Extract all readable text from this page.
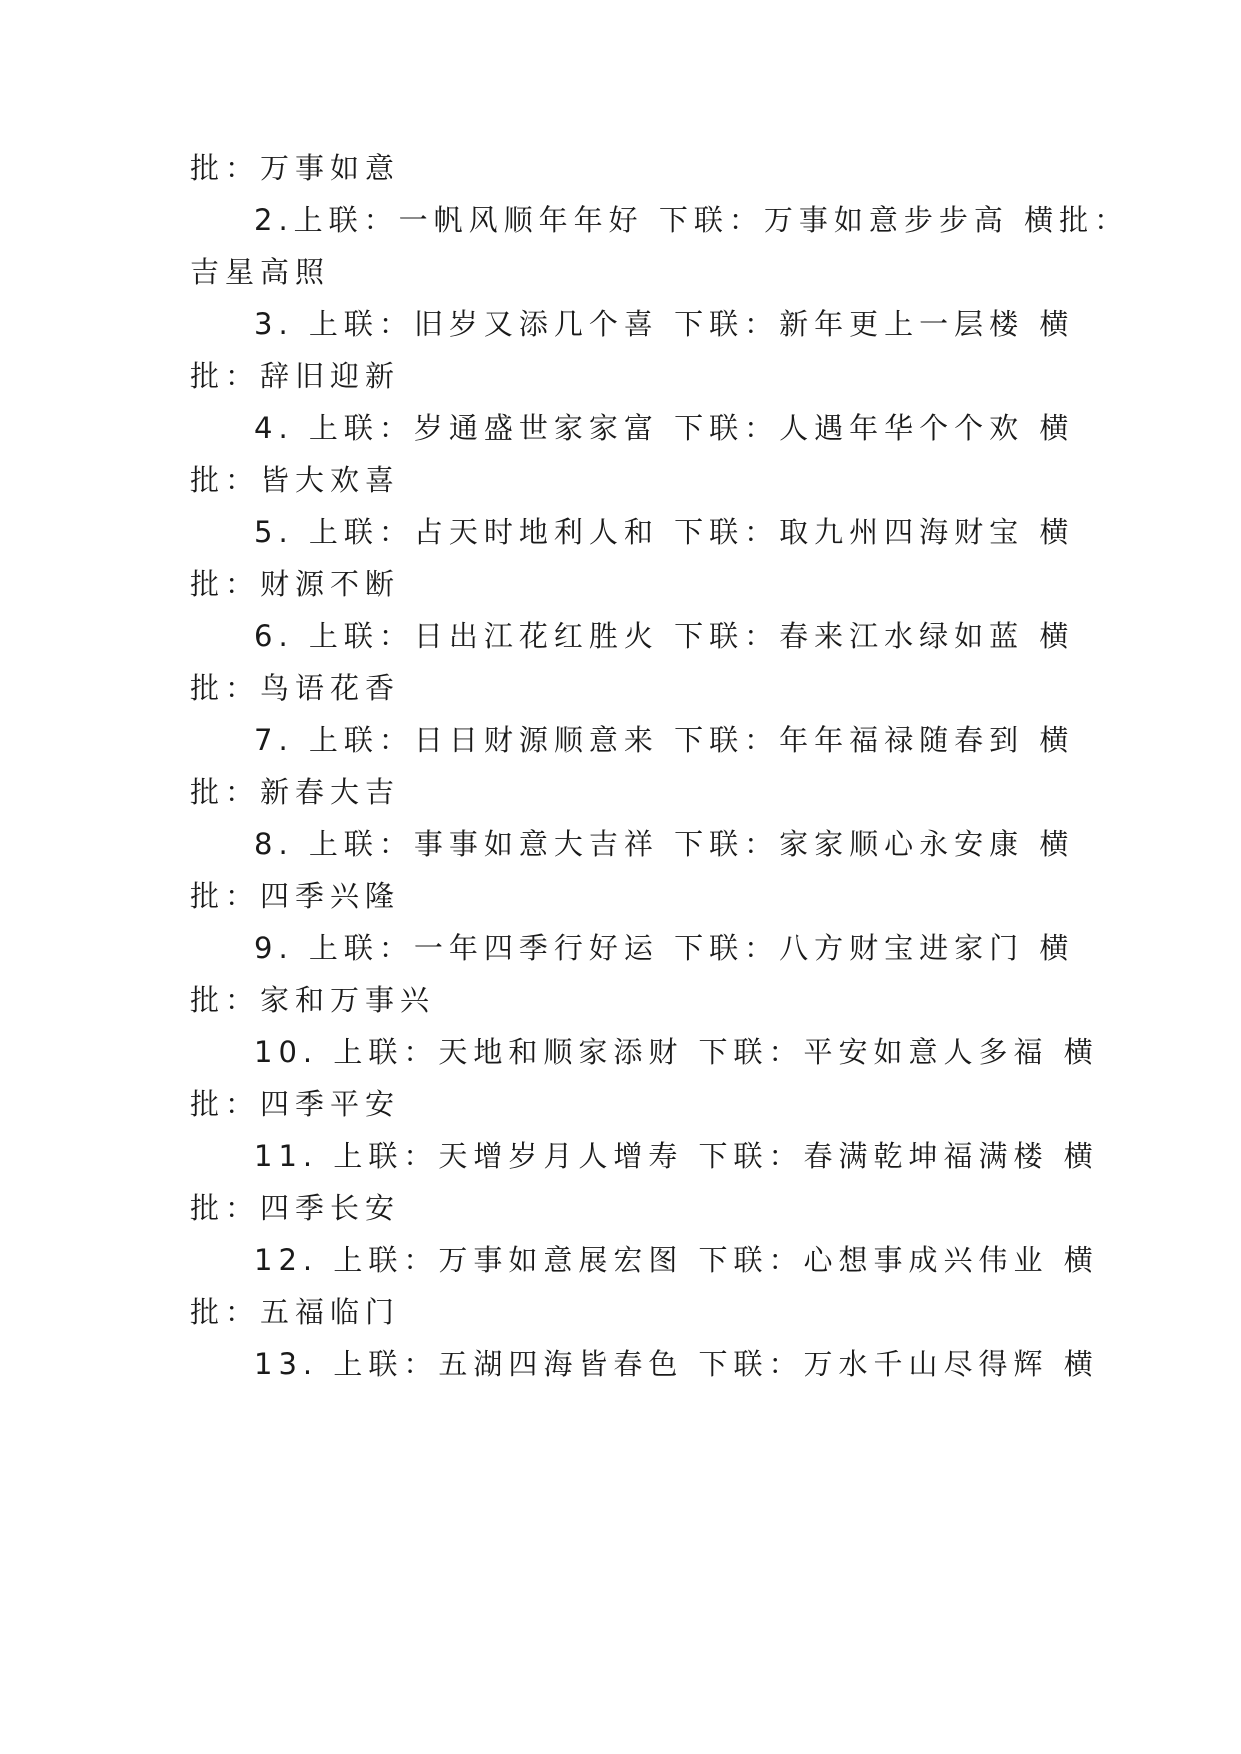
批：万事如意
2.上联：一帆风顺年年好 下联：万事如意步步高 横批：
吉星高照
3. 上联：旧岁又添几个喜 下联：新年更上一层楼 横
批：辞旧迎新
4. 上联：岁通盛世家家富 下联：人遇年华个个欢 横
批：皆大欢喜
5. 上联：占天时地利人和 下联：取九州四海财宝 横
批：财源不断
6. 上联：日出江花红胜火 下联：春来江水绿如蓝 横
批：鸟语花香
7. 上联：日日财源顺意来 下联：年年福禄随春到 横
批：新春大吉
8. 上联：事事如意大吉祥 下联：家家顺心永安康 横
批：四季兴隆
9. 上联：一年四季行好运 下联：八方财宝进家门 横
批：家和万事兴
10. 上联：天地和顺家添财 下联：平安如意人多福 横
批：四季平安
11. 上联：天增岁月人增寿 下联：春满乾坤福满楼 横
批：四季长安
12. 上联：万事如意展宏图 下联：心想事成兴伟业 横
批：五福临门
13. 上联：五湖四海皆春色 下联：万水千山尽得辉 横
